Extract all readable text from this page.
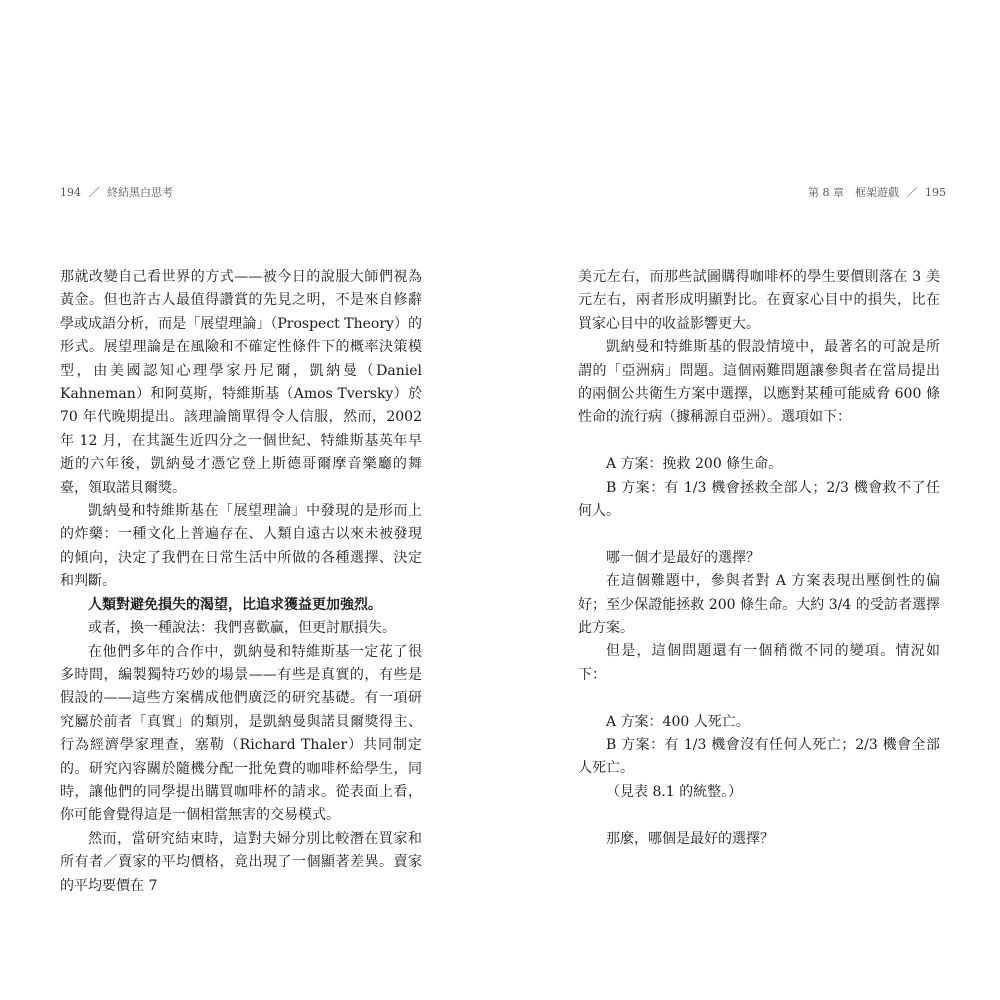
194 ／ 終結黑白思考	第 8 章　框架遊戲 ／ 195

那就改變自己看世界的方式——被今日的說服大師們視為黃金。但也許古人最值得讚賞的先見之明，不是來自修辭學或成語分析，而是「展望理論」（Prospect Theory）的形式。展望理論是在風險和不確定性條件下的概率決策模型，由美國認知心理學家丹尼爾，凱納曼（Daniel Kahneman）和阿莫斯，特維斯基（Amos Tversky）於 70 年代晚期提出。該理論簡單得令人信服，然而，2002 年 12 月，在其誕生近四分之一個世紀、特維斯基英年早逝的六年後，凱納曼才憑它登上斯德哥爾摩音樂廳的舞臺，領取諾貝爾獎。

凱納曼和特維斯基在「展望理論」中發現的是形而上的炸藥：一種文化上普遍存在、人類自遠古以來未被發現的傾向，決定了我們在日常生活中所做的各種選擇、決定和判斷。

人類對避免損失的渴望，比追求獲益更加強烈。

或者，換一種說法：我們喜歡贏，但更討厭損失。

在他們多年的合作中，凱納曼和特維斯基一定花了很多時間，編製獨特巧妙的場景——有些是真實的，有些是假設的——這些方案構成他們廣泛的研究基礎。有一項研究屬於前者「真實」的類別，是凱納曼與諾貝爾獎得主、行為經濟學家理查，塞勒（Richard Thaler）共同制定的。研究內容關於隨機分配一批免費的咖啡杯給學生，同時，讓他們的同學提出購買咖啡杯的請求。從表面上看，你可能會覺得這是一個相當無害的交易模式。

然而，當研究結束時，這對夫婦分別比較潛在買家和所有者／賣家的平均價格，竟出現了一個顯著差異。賣家的平均要價在 7

美元左右，而那些試圖購得咖啡杯的學生要價則落在 3 美元左右，兩者形成明顯對比。在賣家心目中的損失，比在買家心目中的收益影響更大。

凱納曼和特維斯基的假設情境中，最著名的可說是所謂的「亞洲病」問題。這個兩難問題讓參與者在當局提出的兩個公共衛生方案中選擇，以應對某種可能威脅 600 條性命的流行病（據稱源自亞洲）。選項如下：

A 方案：挽救 200 條生命。

B 方案：有 1/3 機會拯救全部人；2/3 機會救不了任何人。

哪一個才是最好的選擇？

在這個難題中，參與者對 A 方案表現出壓倒性的偏好；至少保證能拯救 200 條生命。大約 3/4 的受訪者選擇此方案。

但是，這個問題還有一個稍微不同的變項。情況如下：

A 方案：400 人死亡。

B 方案：有 1/3 機會沒有任何人死亡；2/3 機會全部人死亡。

（見表 8.1 的統整。）

那麼，哪個是最好的選擇？
